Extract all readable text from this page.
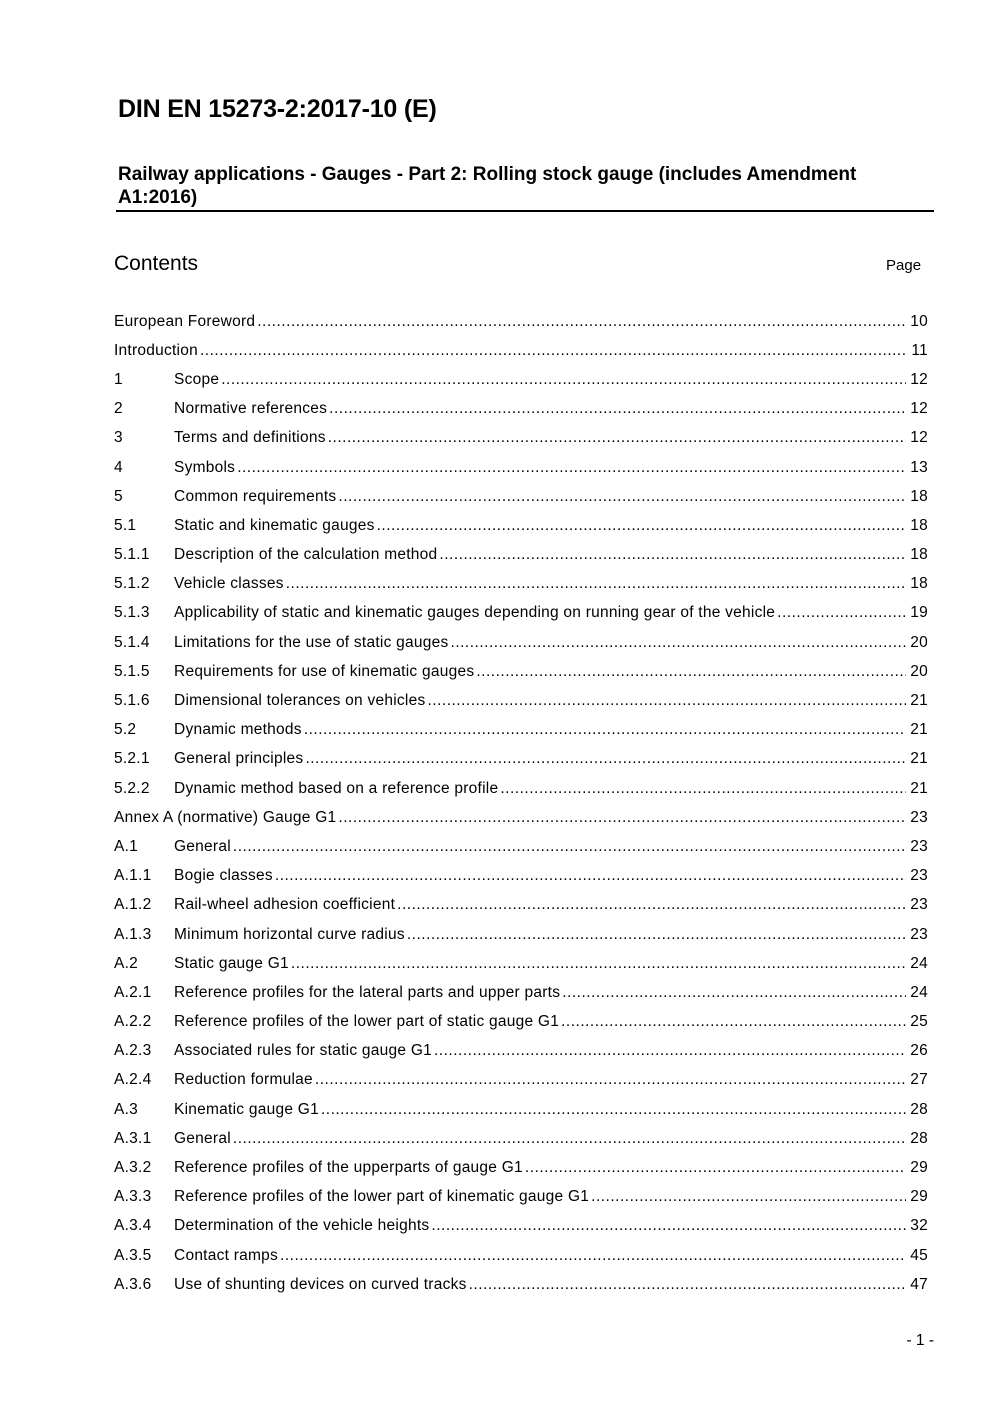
DIN EN 15273-2:2017-10 (E)
Railway applications - Gauges - Part 2: Rolling stock gauge (includes Amendment A1:2016)
Contents	Page
European Foreword .....	10
Introduction .....	11
1	Scope .....	12
2	Normative references .....	12
3	Terms and definitions .....	12
4	Symbols .....	13
5	Common requirements .....	18
5.1	Static and kinematic gauges .....	18
5.1.1	Description of the calculation method .....	18
5.1.2	Vehicle classes .....	18
5.1.3	Applicability of static and kinematic gauges depending on running gear of the vehicle .....	19
5.1.4	Limitations for the use of static gauges .....	20
5.1.5	Requirements for use of kinematic gauges .....	20
5.1.6	Dimensional tolerances on vehicles .....	21
5.2	Dynamic methods .....	21
5.2.1	General principles .....	21
5.2.2	Dynamic method based on a reference profile .....	21
Annex A (normative) Gauge G1 .....	23
A.1	General .....	23
A.1.1	Bogie classes .....	23
A.1.2	Rail-wheel adhesion coefficient .....	23
A.1.3	Minimum horizontal curve radius .....	23
A.2	Static gauge G1 .....	24
A.2.1	Reference profiles for the lateral parts and upper parts .....	24
A.2.2	Reference profiles of the lower part of static gauge G1 .....	25
A.2.3	Associated rules for static gauge G1 .....	26
A.2.4	Reduction formulae .....	27
A.3	Kinematic gauge G1 .....	28
A.3.1	General .....	28
A.3.2	Reference profiles of the upperparts of gauge G1 .....	29
A.3.3	Reference profiles of the lower part of kinematic gauge G1 .....	29
A.3.4	Determination of the vehicle heights .....	32
A.3.5	Contact ramps .....	45
A.3.6	Use of shunting devices on curved tracks .....	47
- 1 -
